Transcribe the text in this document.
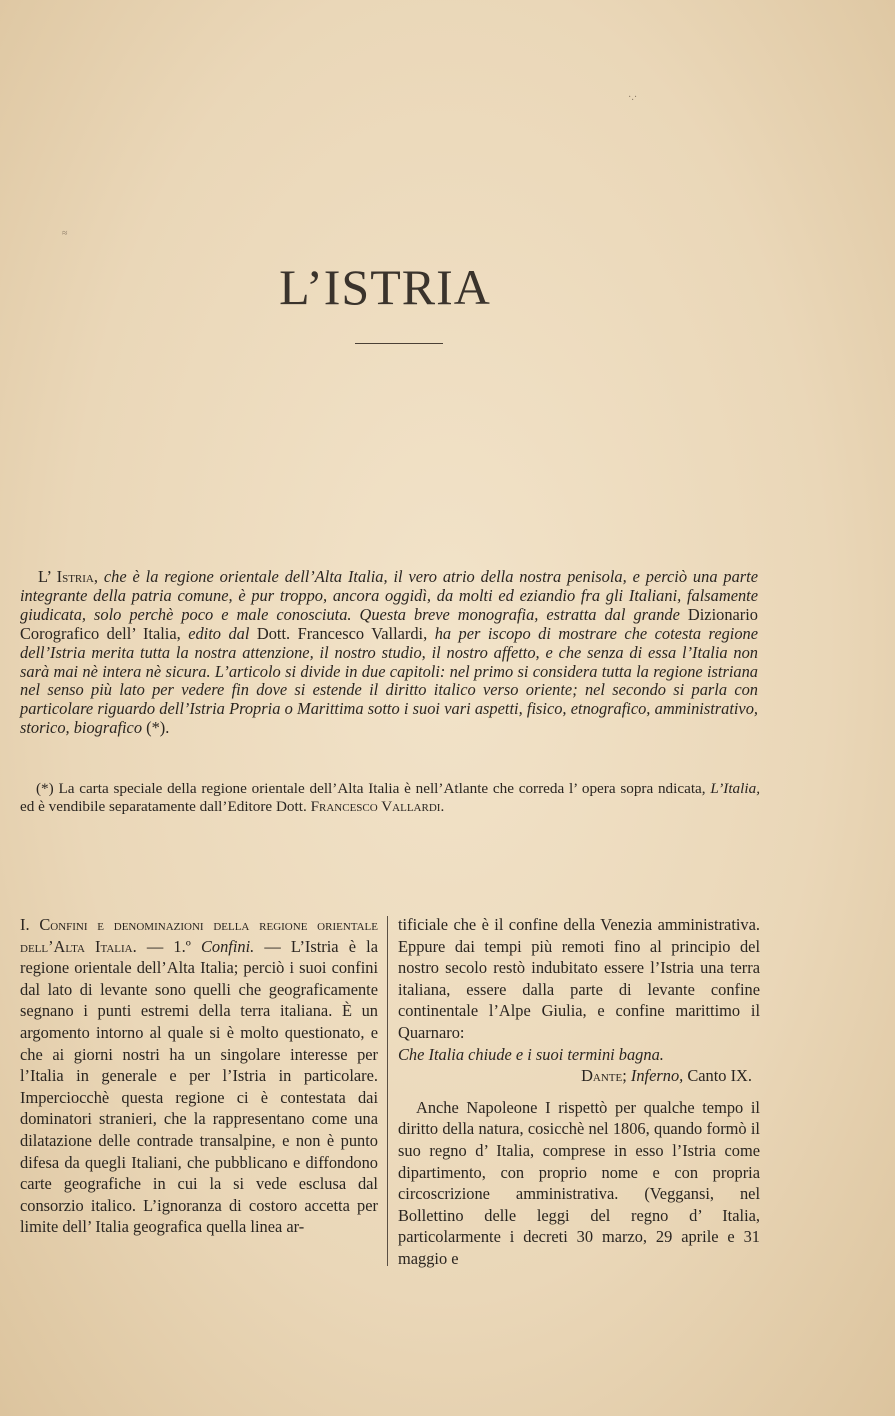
L’ISTRIA

L’ Istria, che è la regione orientale dell’Alta Italia, il vero atrio della nostra penisola, e perciò una parte integrante della patria comune, è pur troppo, ancora oggidì, da molti ed eziandio fra gli Italiani, falsamente giudicata, solo perchè poco e male conosciuta. Questa breve monografia, estratta dal grande Dizionario Corografico dell’ Italia, edito dal Dott. Francesco Vallardi, ha per iscopo di mostrare che cotesta regione dell’Istria merita tutta la nostra attenzione, il nostro studio, il nostro affetto, e che senza di essa l’Italia non sarà mai nè intera nè sicura. L’articolo si divide in due capitoli: nel primo si considera tutta la regione istriana nel senso più lato per vedere fin dove si estende il diritto italico verso oriente; nel secondo si parla con particolare riguardo dell’Istria Propria o Marittima sotto i suoi vari aspetti, fisico, etnografico, amministrativo, storico, biografico (*).

(*) La carta speciale della regione orientale dell’Alta Italia è nell’Atlante che correda l’ opera sopra ndicata, L’Italia, ed è vendibile separatamente dall’Editore Dott. Francesco Vallardi.

I. Confini e denominazioni della regione orientale dell’Alta Italia. — 1.º Confini. — L’Istria è la regione orientale dell’Alta Italia; perciò i suoi confini dal lato di levante sono quelli che geograficamente segnano i punti estremi della terra italiana. È un argomento intorno al quale si è molto questionato, e che ai giorni nostri ha un singolare interesse per l’Italia in generale e per l’Istria in particolare. Imperciocchè questa regione ci è contestata dai dominatori stranieri, che la rappresentano come una dilatazione delle contrade transalpine, e non è punto difesa da quegli Italiani, che pubblicano e diffondono carte geografiche in cui la si vede esclusa dal consorzio italico. L’ignoranza di costoro accetta per limite dell’ Italia geografica quella linea ar-

tificiale che è il confine della Venezia amministrativa. Eppure dai tempi più remoti fino al principio del nostro secolo restò indubitato essere l’Istria una terra italiana, essere dalla parte di levante confine continentale l’Alpe Giulia, e confine marittimo il Quarnaro:

Che Italia chiude e i suoi termini bagna.

Dante; Inferno, Canto IX.

Anche Napoleone I rispettò per qualche tempo il diritto della natura, cosicchè nel 1806, quando formò il suo regno d’ Italia, comprese in esso l’Istria come dipartimento, con proprio nome e con propria circoscrizione amministrativa. (Veggansi, nel Bollettino delle leggi del regno d’ Italia, particolarmente i decreti 30 marzo, 29 aprile e 31 maggio e

≈
·.·
